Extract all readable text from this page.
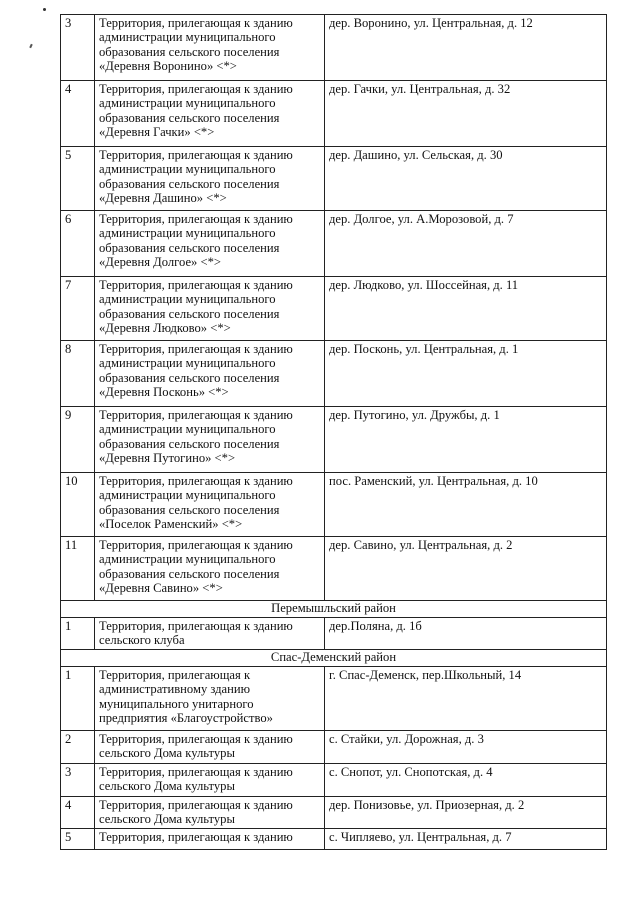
3	Территория, прилегающая к зданию администрации муниципального образования сельского поселения «Деревня Воронино» <*>	дер. Воронино, ул. Центральная, д. 12
4	Территория, прилегающая к зданию администрации муниципального образования сельского поселения «Деревня Гачки» <*>	дер. Гачки, ул. Центральная, д. 32
5	Территория, прилегающая к зданию администрации муниципального образования сельского поселения «Деревня Дашино» <*>	дер. Дашино, ул. Сельская, д. 30
6	Территория, прилегающая к зданию администрации муниципального образования сельского поселения «Деревня Долгое» <*>	дер. Долгое, ул. А.Морозовой, д. 7
7	Территория, прилегающая к зданию администрации муниципального образования сельского поселения «Деревня Людково» <*>	дер. Людково, ул. Шоссейная, д. 11
8	Территория, прилегающая к зданию администрации муниципального образования сельского поселения «Деревня Посконь» <*>	дер. Посконь, ул. Центральная, д. 1
9	Территория, прилегающая к зданию администрации муниципального образования сельского поселения «Деревня Путогино» <*>	дер. Путогино, ул. Дружбы, д. 1
10	Территория, прилегающая к зданию администрации муниципального образования сельского поселения «Поселок Раменский» <*>	пос. Раменский, ул. Центральная, д. 10
11	Территория, прилегающая к зданию администрации муниципального образования сельского поселения «Деревня Савино» <*>	дер. Савино, ул. Центральная, д. 2
Перемышльский район		
1	Территория, прилегающая к зданию сельского клуба	дер.Поляна, д. 1б
Спас-Деменский район		
1	Территория, прилегающая к административному зданию муниципального унитарного предприятия «Благоустройство»	г. Спас-Деменск, пер.Школьный, 14
2	Территория, прилегающая к зданию сельского Дома культуры	с. Стайки, ул. Дорожная, д. 3
3	Территория, прилегающая к зданию сельского Дома культуры	с. Снопот, ул. Снопотская, д. 4
4	Территория, прилегающая к зданию сельского Дома культуры	дер. Понизовье, ул. Приозерная, д. 2
5	Территория, прилегающая к зданию	с. Чипляево, ул. Центральная, д. 7
